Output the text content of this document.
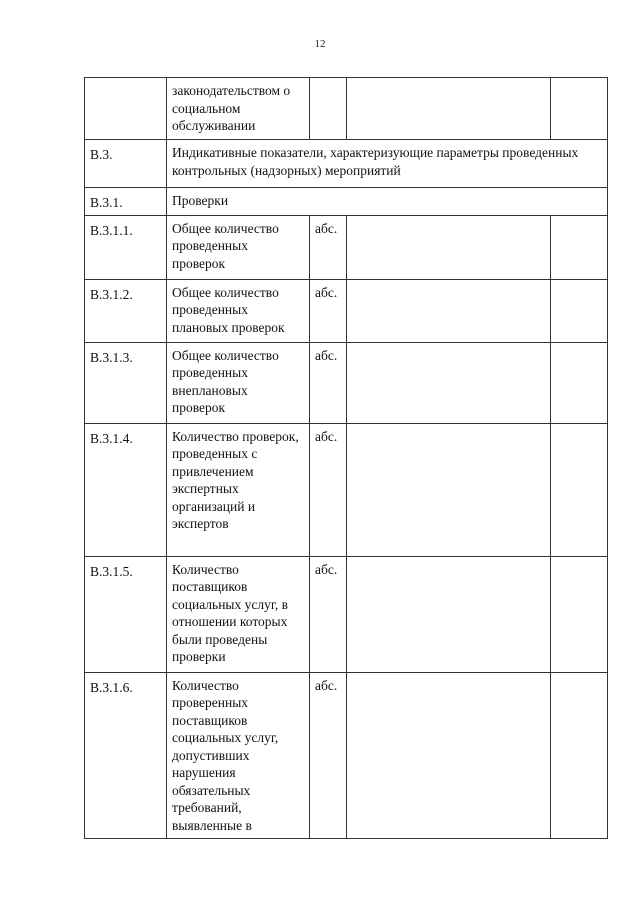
12
	законодательством о социальном обслуживании			
В.3.	Индикативные показатели, характеризующие параметры проведенных контрольных (надзорных) мероприятий			
В.3.1.	Проверки			
В.3.1.1.	Общее количество проведенных проверок	абс.		
В.3.1.2.	Общее количество проведенных плановых проверок	абс.		
В.3.1.3.	Общее количество проведенных внеплановых проверок	абс.		
В.3.1.4.	Количество проверок, проведенных с привлечением экспертных организаций и экспертов	абс.		
В.3.1.5.	Количество поставщиков социальных услуг, в отношении которых были проведены проверки	абс.		
В.3.1.6.	Количество проверенных поставщиков социальных услуг, допустивших нарушения обязательных требований, выявленные в	абс.		
